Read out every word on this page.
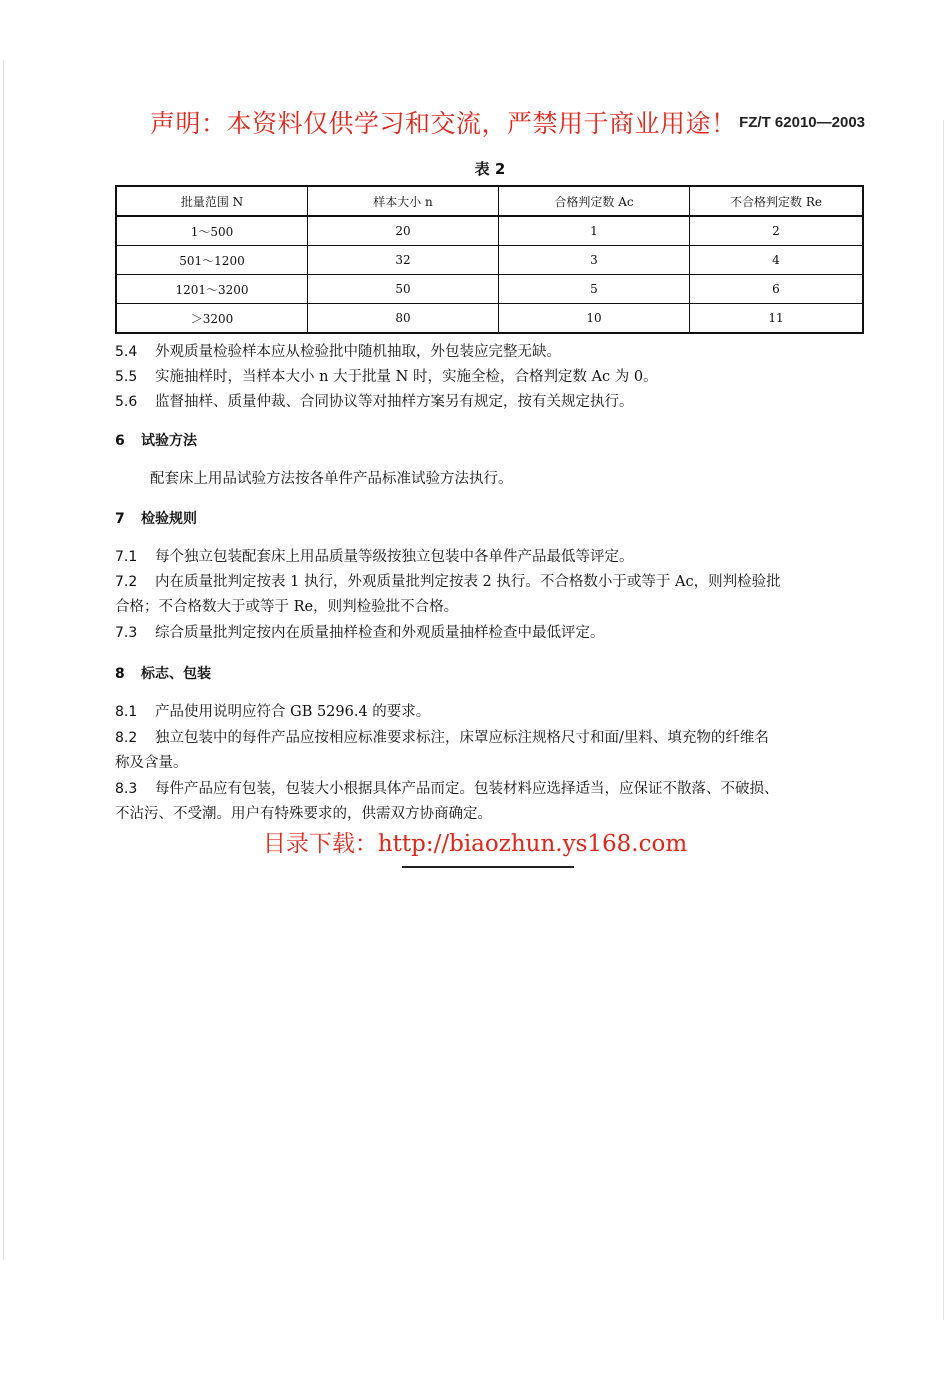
声明：本资料仅供学习和交流，严禁用于商业用途！ FZ/T 62010—2003
表 2
批量范围 N	样本大小 n	合格判定数 Ac	不合格判定数 Re
1～500	20	1	2
501～1200	32	3	4
1201～3200	50	5	6
＞3200	80	10	11
5.4 外观质量检验样本应从检验批中随机抽取，外包装应完整无缺。
5.5 实施抽样时，当样本大小 n 大于批量 N 时，实施全检，合格判定数 Ac 为 0。
5.6 监督抽样、质量仲裁、合同协议等对抽样方案另有规定，按有关规定执行。
6 试验方法
配套床上用品试验方法按各单件产品标准试验方法执行。
7 检验规则
7.1 每个独立包装配套床上用品质量等级按独立包装中各单件产品最低等评定。
7.2 内在质量批判定按表 1 执行，外观质量批判定按表 2 执行。不合格数小于或等于 Ac，则判检验批
合格；不合格数大于或等于 Re，则判检验批不合格。
7.3 综合质量批判定按内在质量抽样检查和外观质量抽样检查中最低评定。
8 标志、包装
8.1 产品使用说明应符合 GB 5296.4 的要求。
8.2 独立包装中的每件产品应按相应标准要求标注，床罩应标注规格尺寸和面/里料、填充物的纤维名
称及含量。
8.3 每件产品应有包装，包装大小根据具体产品而定。包装材料应选择适当，应保证不散落、不破损、
不沾污、不受潮。用户有特殊要求的，供需双方协商确定。
目录下载：http://biaozhun.ys168.com
